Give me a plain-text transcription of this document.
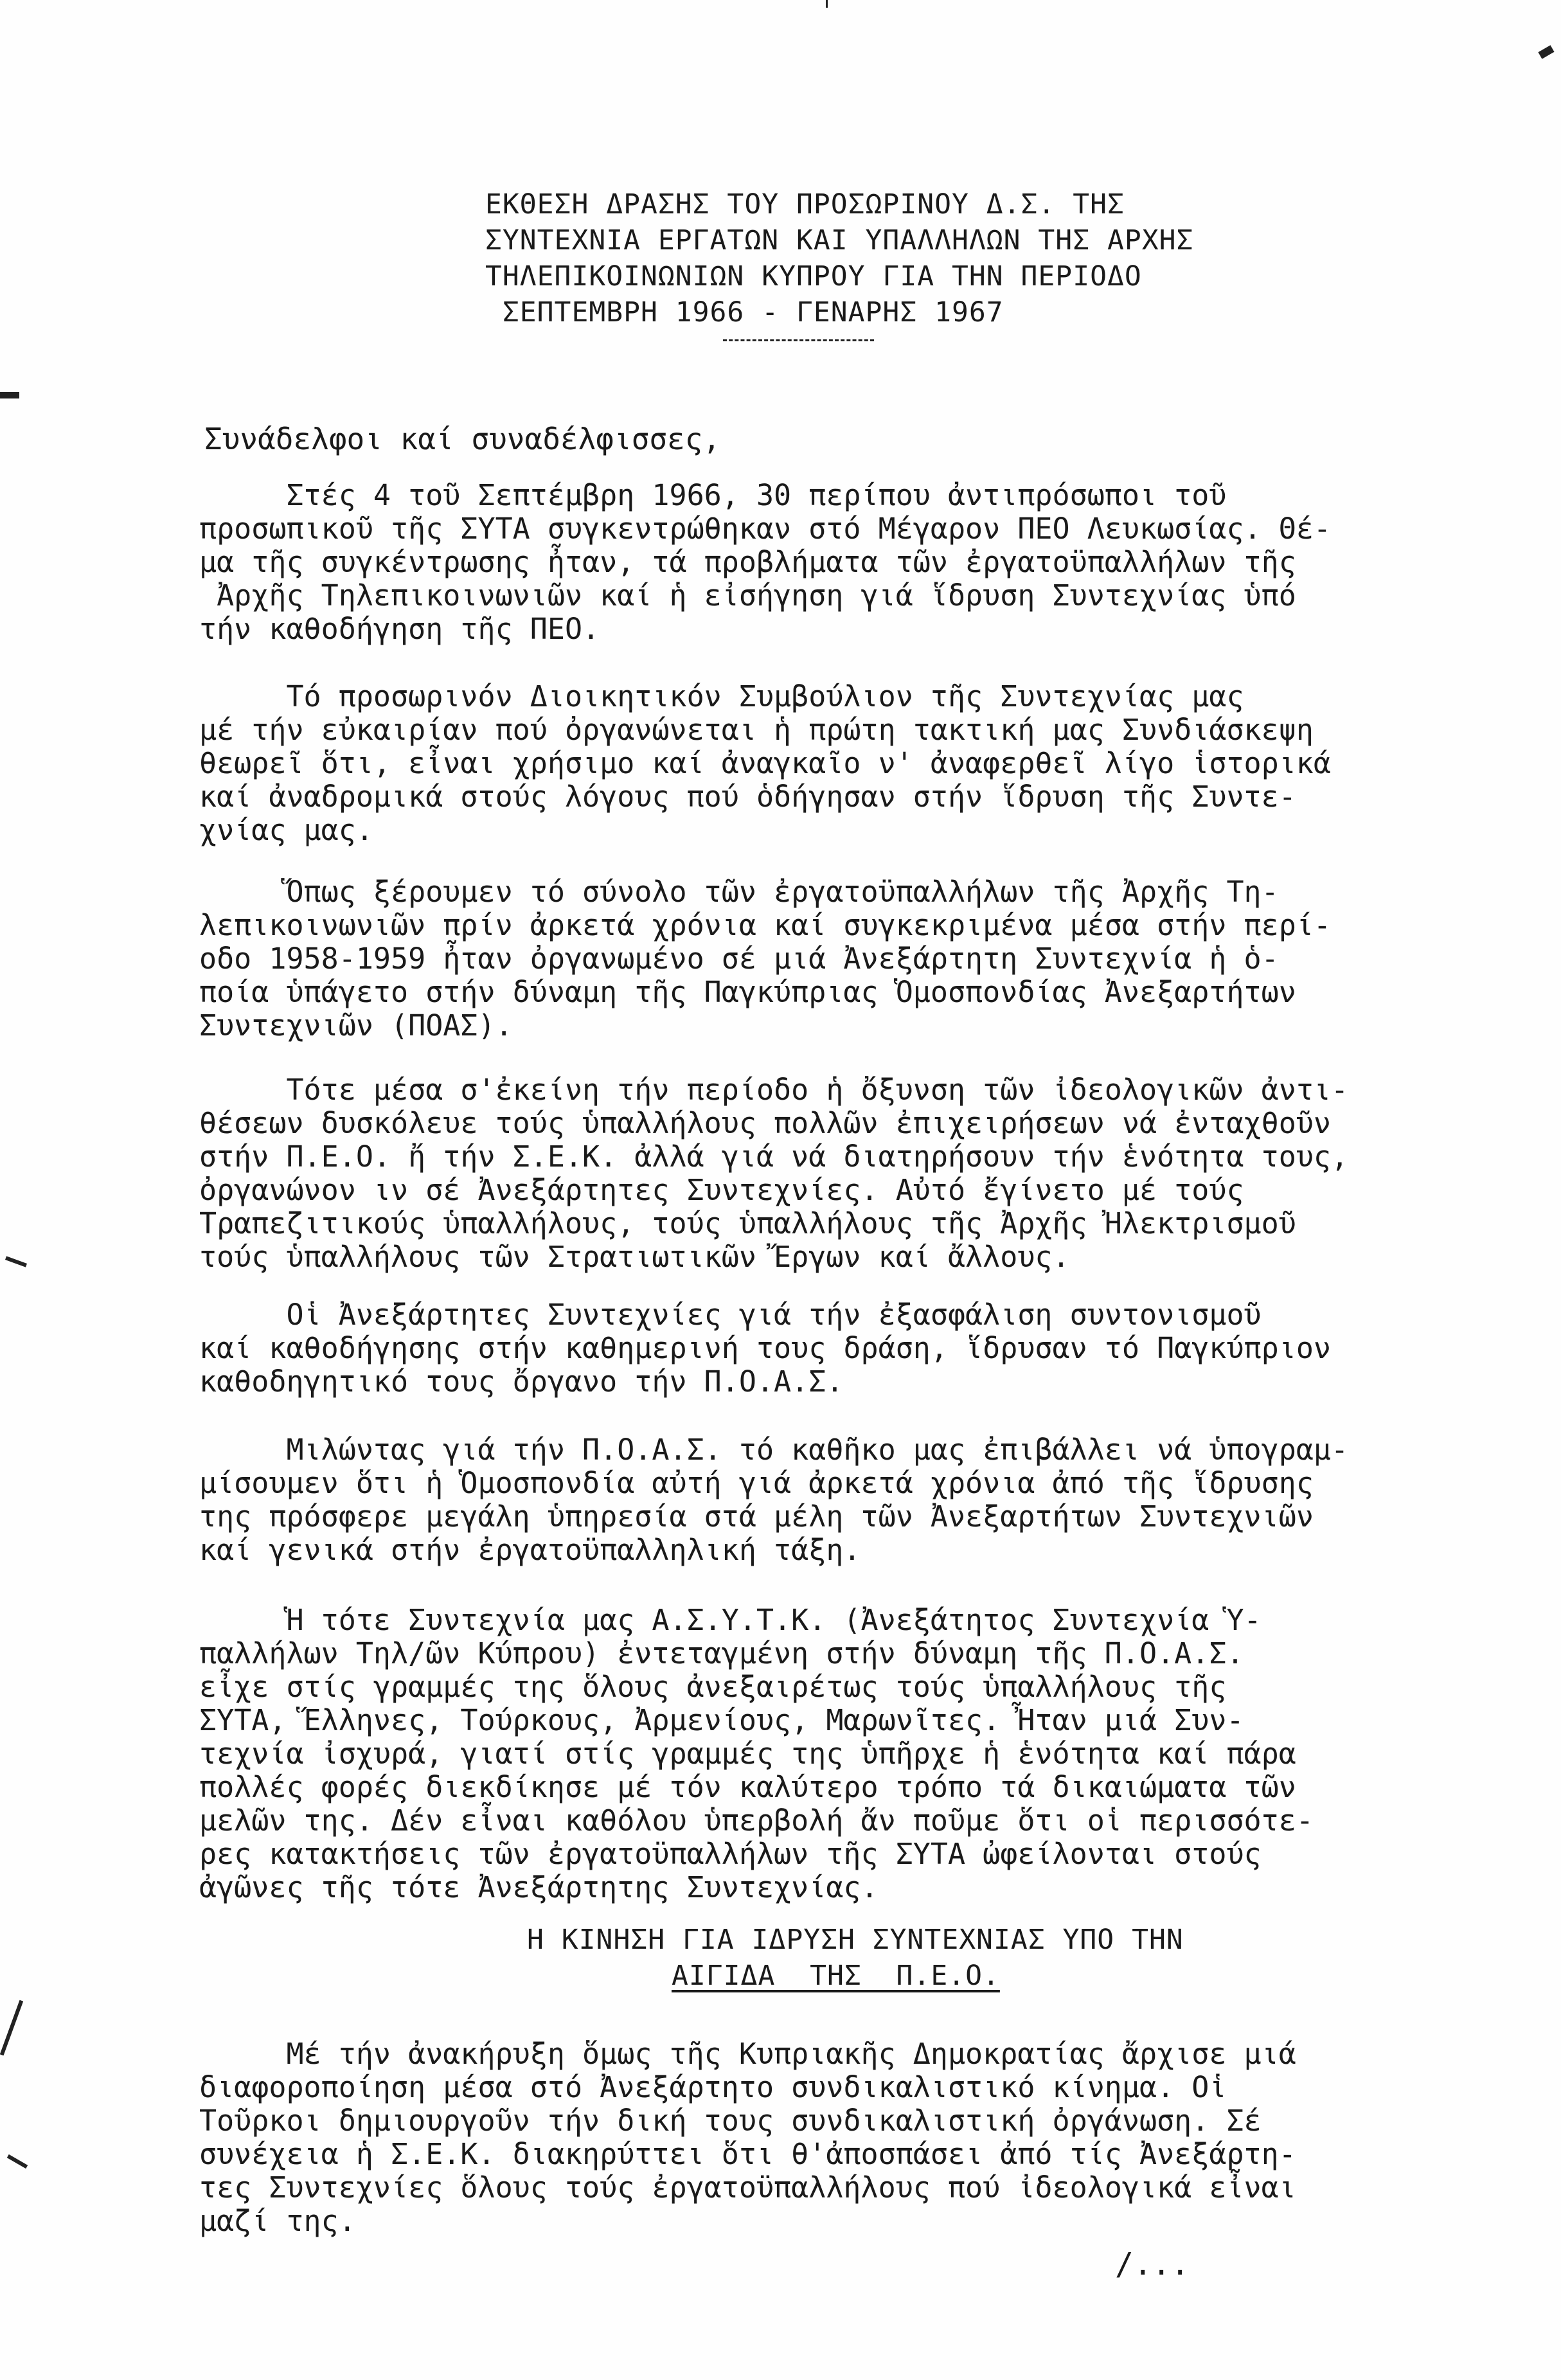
ΕΚΘΕΣΗ ΔΡΑΣΗΣ ΤΟΥ ΠΡΟΣΩΡΙΝΟΥ Δ.Σ. ΤΗΣ
ΣΥΝΤΕΧΝΙΑ ΕΡΓΑΤΩΝ ΚΑΙ ΥΠΑΛΛΗΛΩΝ ΤΗΣ ΑΡΧΗΣ
ΤΗΛΕΠΙΚΟΙΝΩΝΙΩΝ ΚΥΠΡΟΥ ΓΙΑ ΤΗΝ ΠΕΡΙΟΔΟ
ΣΕΠΤΕΜΒΡΗ 1966 - ΓΕΝΑΡΗΣ 1967
Συνάδελφοι καί συναδέλφισσες,
Στές 4 τοῦ Σεπτέμβρη 1966, 30 περίπου ἀντιπρόσωποι τοῦ
προσωπικοῦ τῆς ΣΥΤΑ συγκεντρώθηκαν στό Μέγαρον ΠΕΟ Λευκωσίας. Θέ-
μα τῆς συγκέντρωσης ἦταν, τά προβλήματα τῶν ἐργατοϋπαλλήλων τῆς
Ἀρχῆς Τηλεπικοινωνιῶν καί ἡ εἰσήγηση γιά ἵδρυση Συντεχνίας ὑπό
τήν καθοδήγηση τῆς ΠΕΟ.
Τό προσωρινόν Διοικητικόν Συμβούλιον τῆς Συντεχνίας μας
μέ τήν εὐκαιρίαν πού ὀργανώνεται ἡ πρώτη τακτική μας Συνδιάσκεψη
θεωρεῖ ὅτι, εἶναι χρήσιμο καί ἀναγκαῖο ν' ἀναφερθεῖ λίγο ἱστορικά
καί ἀναδρομικά στούς λόγους πού ὁδήγησαν στήν ἵδρυση τῆς Συντε-
χνίας μας.
Ὅπως ξέρουμεν τό σύνολο τῶν ἐργατοϋπαλλήλων τῆς Ἀρχῆς Τη-
λεπικοινωνιῶν πρίν ἀρκετά χρόνια καί συγκεκριμένα μέσα στήν περί-
οδο 1958-1959 ἦταν ὀργανωμένο σέ μιά Ἀνεξάρτητη Συντεχνία ἡ ὁ-
ποία ὑπάγετο στήν δύναμη τῆς Παγκύπριας Ὁμοσπονδίας Ἀνεξαρτήτων
Συντεχνιῶν (ΠΟΑΣ).
Τότε μέσα σ'ἐκείνη τήν περίοδο ἡ ὄξυνση τῶν ἰδεολογικῶν ἀντι-
θέσεων δυσκόλευε τούς ὑπαλλήλους πολλῶν ἐπιχειρήσεων νά ἐνταχθοῦν
στήν Π.Ε.Ο. ἤ τήν Σ.Ε.Κ. ἀλλά γιά νά διατηρήσουν τήν ἑνότητα τους,
ὀργανώνον ιν σέ Ἀνεξάρτητες Συντεχνίες. Αὐτό ἔγίνετο μέ τούς
Τραπεζιτικούς ὑπαλλήλους, τούς ὑπαλλήλους τῆς Ἀρχῆς Ἠλεκτρισμοῦ
τούς ὑπαλλήλους τῶν Στρατιωτικῶν Ἔργων καί ἄλλους.
Οἱ Ἀνεξάρτητες Συντεχνίες γιά τήν ἐξασφάλιση συντονισμοῦ
καί καθοδήγησης στήν καθημερινή τους δράση, ἵδρυσαν τό Παγκύπριον
καθοδηγητικό τους ὄργανο τήν Π.Ο.Α.Σ.
Μιλώντας γιά τήν Π.Ο.Α.Σ. τό καθῆκο μας ἐπιβάλλει νά ὑπογραμ-
μίσουμεν ὅτι ἡ Ὁμοσπονδία αὐτή γιά ἀρκετά χρόνια ἀπό τῆς ἵδρυσης
της πρόσφερε μεγάλη ὑπηρεσία στά μέλη τῶν Ἀνεξαρτήτων Συντεχνιῶν
καί γενικά στήν ἐργατοϋπαλληλική τάξη.
Ἡ τότε Συντεχνία μας Α.Σ.Υ.Τ.Κ. (Ἀνεξάτητος Συντεχνία Ὑ-
παλλήλων Τηλ/ῶν Κύπρου) ἐντεταγμένη στήν δύναμη τῆς Π.Ο.Α.Σ.
εἶχε στίς γραμμές της ὅλους ἀνεξαιρέτως τούς ὑπαλλήλους τῆς
ΣΥΤΑ, Ἕλληνες, Τούρκους, Ἀρμενίους, Μαρωνῖτες. Ἦταν μιά Συν-
τεχνία ἰσχυρά, γιατί στίς γραμμές της ὑπῆρχε ἡ ἑνότητα καί πάρα
πολλές φορές διεκδίκησε μέ τόν καλύτερο τρόπο τά δικαιώματα τῶν
μελῶν της. Δέν εἶναι καθόλου ὑπερβολή ἄν ποῦμε ὅτι οἱ περισσότε-
ρες κατακτήσεις τῶν ἐργατοϋπαλλήλων τῆς ΣΥΤΑ ὠφείλονται στούς
ἀγῶνες τῆς τότε Ἀνεξάρτητης Συντεχνίας.
Η ΚΙΝΗΣΗ ΓΙΑ ΙΔΡΥΣΗ ΣΥΝΤΕΧΝΙΑΣ ΥΠΟ ΤΗΝ
ΑΙΓΙΔΑ  ΤΗΣ  Π.Ε.Ο.
Μέ τήν ἀνακήρυξη ὅμως τῆς Κυπριακῆς Δημοκρατίας ἄρχισε μιά
διαφοροποίηση μέσα στό Ἀνεξάρτητο συνδικαλιστικό κίνημα. Οἱ
Τοῦρκοι δημιουργοῦν τήν δική τους συνδικαλιστική ὀργάνωση. Σέ
συνέχεια ἡ Σ.Ε.Κ. διακηρύττει ὅτι θ'ἀποσπάσει ἀπό τίς Ἀνεξάρτη-
τες Συντεχνίες ὅλους τούς ἐργατοϋπαλλήλους πού ἰδεολογικά εἶναι
μαζί της.
/...
